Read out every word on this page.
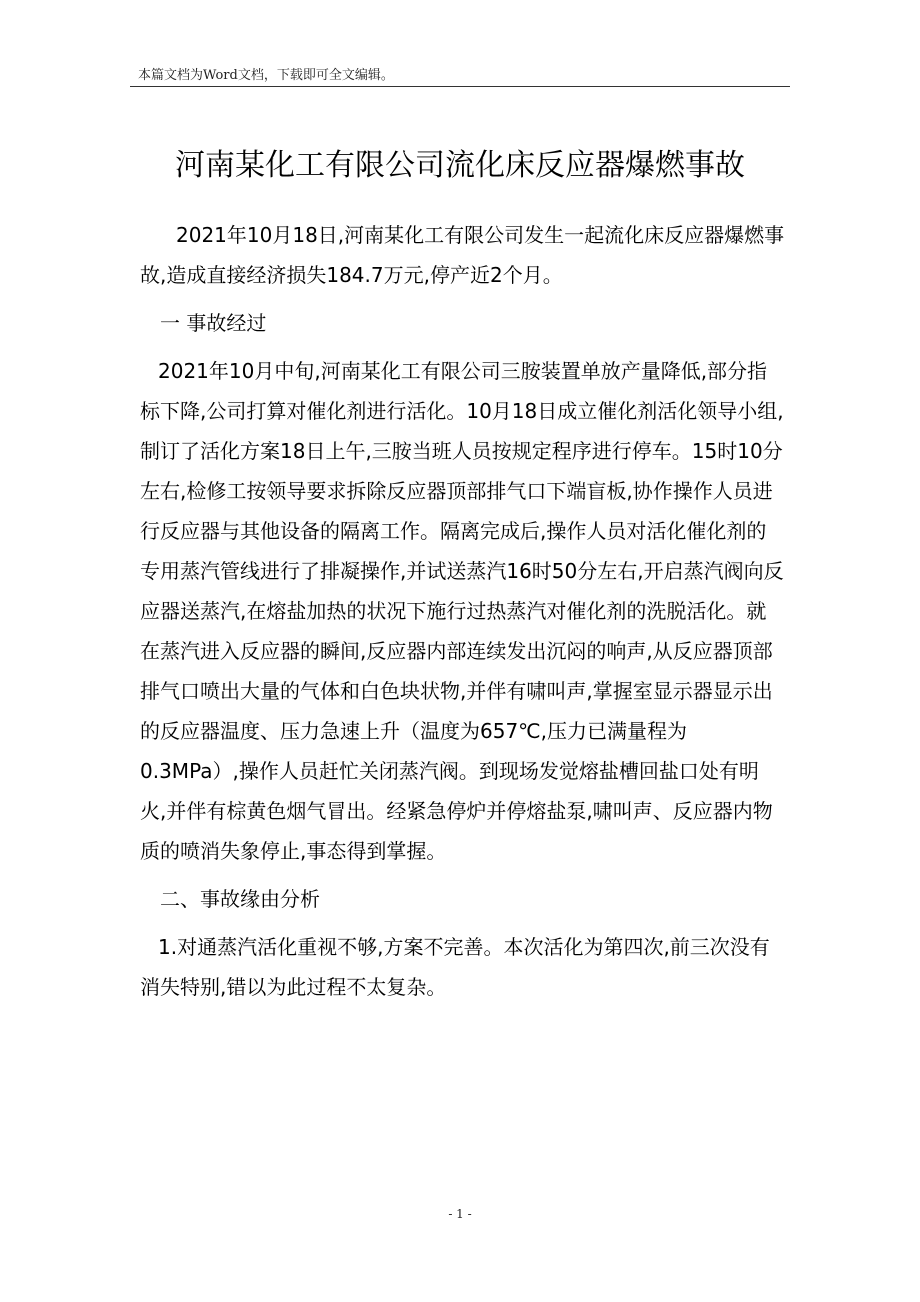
本篇文档为Word文档，下载即可全文编辑。
河南某化工有限公司流化床反应器爆燃事故

2021年10月18日,河南某化工有限公司发生一起流化床反应器爆燃事故,造成直接经济损失184.7万元,停产近2个月。

一 事故经过

2021年10月中旬,河南某化工有限公司三胺装置单放产量降低,部分指标下降,公司打算对催化剂进行活化。10月18日成立催化剂活化领导小组,制订了活化方案18日上午,三胺当班人员按规定程序进行停车。15时10分左右,检修工按领导要求拆除反应器顶部排气口下端盲板,协作操作人员进行反应器与其他设备的隔离工作。隔离完成后,操作人员对活化催化剂的专用蒸汽管线进行了排凝操作,并试送蒸汽16时50分左右,开启蒸汽阀向反应器送蒸汽,在熔盐加热的状况下施行过热蒸汽对催化剂的洗脱活化。就在蒸汽进入反应器的瞬间,反应器内部连续发出沉闷的响声,从反应器顶部排气口喷出大量的气体和白色块状物,并伴有啸叫声,掌握室显示器显示出的反应器温度、压力急速上升（温度为657℃,压力已满量程为0.3MPa）,操作人员赶忙关闭蒸汽阀。到现场发觉熔盐槽回盐口处有明火,并伴有棕黄色烟气冒出。经紧急停炉并停熔盐泵,啸叫声、反应器内物质的喷消失象停止,事态得到掌握。

二、事故缘由分析

1.对通蒸汽活化重视不够,方案不完善。本次活化为第四次,前三次没有消失特别,错以为此过程不太复杂。

- 1 -
